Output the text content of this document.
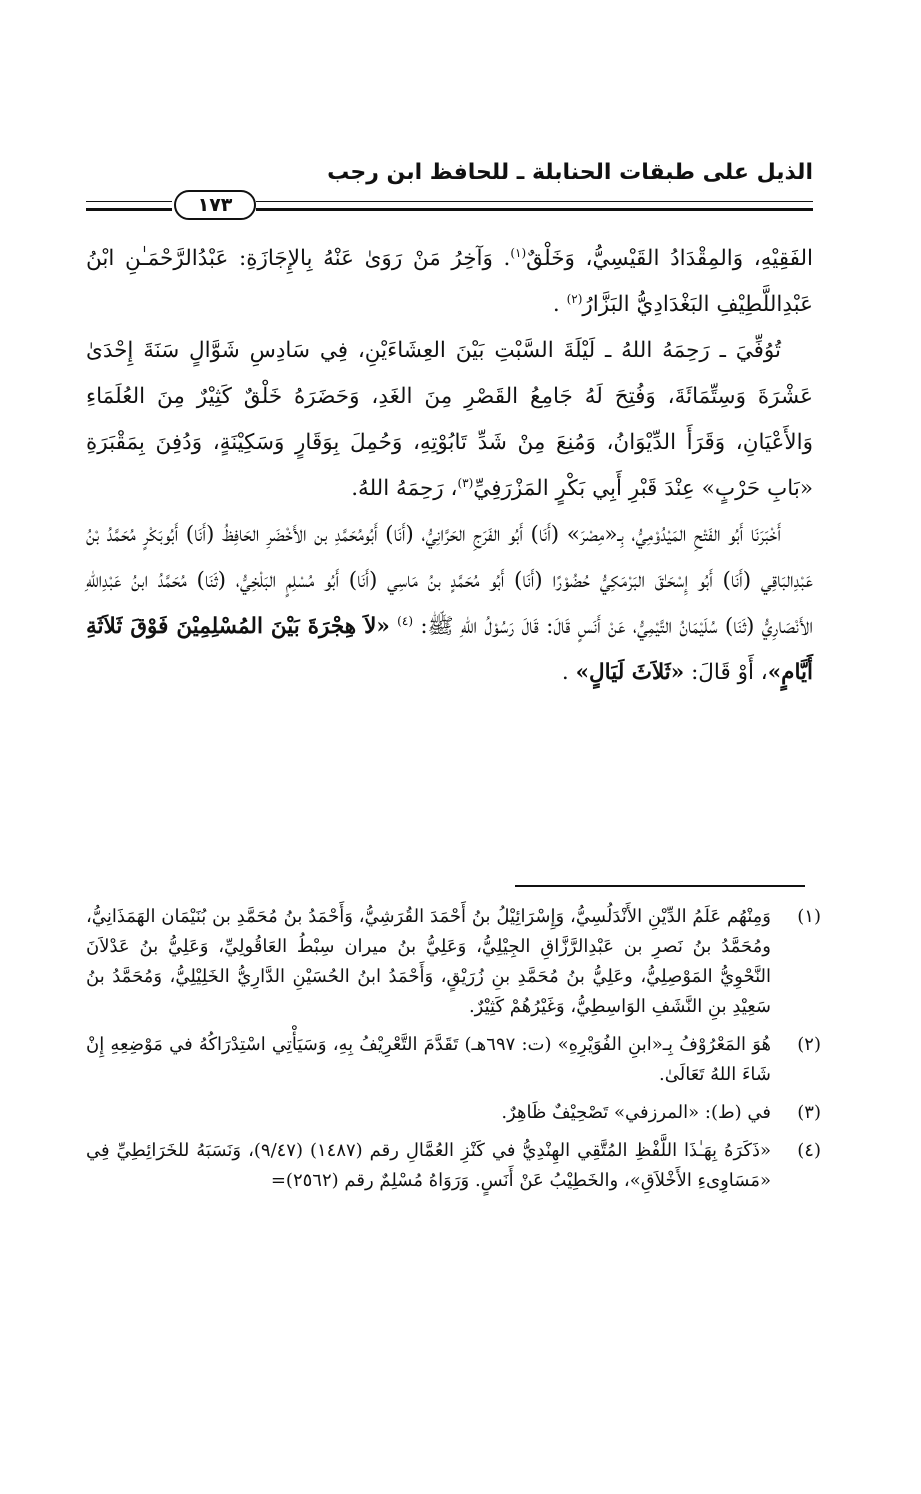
الذيل على طبقات الحنابلة ـ للحافظ ابن رجب
١٧٣

الفَقِيْهِ، وَالمِقْدَادُ القَيْسِيُّ، وَخَلْقٌ$^{(١)}$. وَآخِرُ مَنْ رَوَىٰ عَنْهُ بِالإِجَازَةِ: عَبْدُالرَّحْمَـٰنِ ابْنُ عَبْدِاللَّطِيْفِ البَغْدَادِيُّ البَزَّارُ$^{(٢)}$ .

تُوُفِّيَ ـ رَحِمَهُ اللهُ ـ لَيْلَةَ السَّبْتِ بَيْنَ العِشَاءَيْنِ، فِي سَادِسِ شَوَّالٍ سَنَةَ إِحْدَىٰ عَشْرَةَ وَسِتِّمَائَةَ، وَفُتِحَ لَهُ جَامِعُ القَصْرِ مِنَ الغَدِ، وَحَضَرَهُ خَلْقٌ كَثِيْرٌ مِنَ العُلَمَاءِ وَالأَعْيَانِ، وَقَرَأَ الدِّيْوَانُ، وَمُنِعَ مِنْ شَدِّ تَابُوْتِهِ، وَحُمِلَ بِوَقَارٍ وَسَكِيْنَةٍ، وَدُفِنَ بِمَقْبَرَةِ «بَابِ حَرْبٍ» عِنْدَ قَبْرِ أَبِي بَكْرٍ المَزْرَفِيِّ$^{(٣)}$، رَحِمَهُ اللهُ.

أَخْبَرَنَا أَبُو الفَتْحِ المَيْدُوْمِيُّ، بِـ«مِصْرَ» (أَنَا) أَبُو الفَرَجِ الحَرَّانِيُّ، (أَنَا) أَبُومُحَمَّدِ بن الأَخْضَرِ الحَافِظُ (أَنَا) أَبُوبَكْرٍ مُحَمَّدُ بْنُ عَبْدِالبَاقِي (أَنَا) أَبُو إِسْحَـٰقَ البَرْمَكِيُّ حُضُوْرًا (أَنَا) أَبُو مُحَمَّدٍ بنُ مَاسِي (أَنَا) أَبُو مُسْلِمٍ البَلْخِيُّ، (ثَنَا) مُحَمَّدُ ابنُ عَبْدِاللهِ الأَنْصَارِيُّ (ثَنَا) سُلَيْمَانُ التَّيْمِيُّ، عَنْ أَنَسٍ قَالَ: قَالَ رَسُوْلُ اللهِ ﷺ: $^{(٤)}$ «لاَ هِجْرَةَ بَيْنَ المُسْلِمِيْنَ فَوْقَ ثَلاَثَةِ أَيَّامٍ»، أَوْ قَالَ: «ثَلاَثَ لَيَالٍ» .

(١)
وَمِنْهُم عَلَمُ الدِّيْنِ الأَنْدَلُسِيُّ، وَإِسْرَائِيْلُ بنُ أَحْمَدَ القُرَشِيُّ، وَأَحْمَدُ بنُ مُحَمَّدِ بن بُنَيْمَان الهَمَذَانِيُّ، ومُحَمَّدُ بنُ نَصرِ بن عَبْدِالرَّزَّاقِ الجِيْلِيُّ، وَعَلِيُّ بنُ ميران سِبْطُ العَاقُولِيِّ، وَعَلِيُّ بنُ عَدْلاَنَ النَّحْوِيُّ المَوْصِلِيُّ، وعَلِيُّ بنُ مُحَمَّدِ بنِ زُرَيْقٍ، وَأَحْمَدُ ابنُ الحُسَيْنِ الدَّارِيُّ الخَلِيْلِيُّ، وَمُحَمَّدُ بنُ سَعِيْدِ بنِ النَّشَفِ الوَاسِطِيُّ، وَغَيْرُهُمْ كَثِيْرٌ.
(٢)
هُوَ المَعْرُوْفُ بِـ«ابنِ الفُوَيْرِهِ» (ت: ٦٩٧هـ) تَقَدَّمَ التَّعْرِيْفُ بِهِ، وَسَيَأْتِي اسْتِدْرَاكُهُ في مَوْضِعِهِ إِنْ شَاءَ اللهُ تَعَالَىٰ.
(٣)
في (ط): «المرزفي» تَصْحِيْفٌ ظَاهِرٌ.
(٤)
«ذَكَرَهُ بِهَـٰذَا اللَّفْظِ المُتَّقِي الهِنْدِيُّ في كَنْزِ العُمَّالِ رقم (١٤٨٧) (٩/٤٧)، وَنَسَبَهُ للخَرَائِطِيِّ فِي «مَسَاوِىءِ الأَخْلاَقِ»، والخَطِيْبُ عَنْ أَنَسٍ. وَرَوَاهُ مُسْلِمٌ رقم (٢٥٦٢)=
